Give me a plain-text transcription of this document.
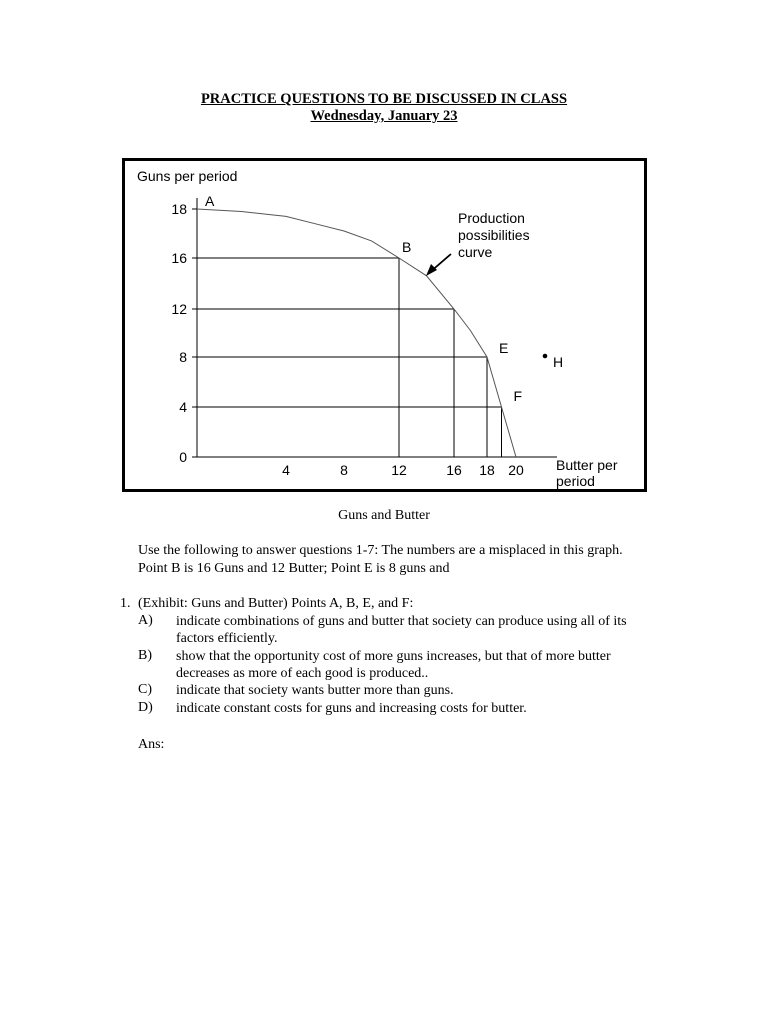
PRACTICE QUESTIONS TO BE DISCUSSED IN CLASS
Wednesday, January 23
Guns per period
Butter per
period
0
4
8
12
16
18
4	8	12	16 18 20
A
B
E
F
H
Production
possibilities
curve
Guns and Butter
Use the following to answer questions 1-7: The numbers are a misplaced in this graph.
Point B is 16 Guns and 12 Butter; Point E is 8 guns and
1. (Exhibit: Guns and Butter) Points A, B, E, and F:
A) indicate combinations of guns and butter that society can produce using all of its
factors efficiently.
B) show that the opportunity cost of more guns increases, but that of more butter
decreases as more of each good is produced..
C) indicate that society wants butter more than guns.
D) indicate constant costs for guns and increasing costs for butter.
Ans:
